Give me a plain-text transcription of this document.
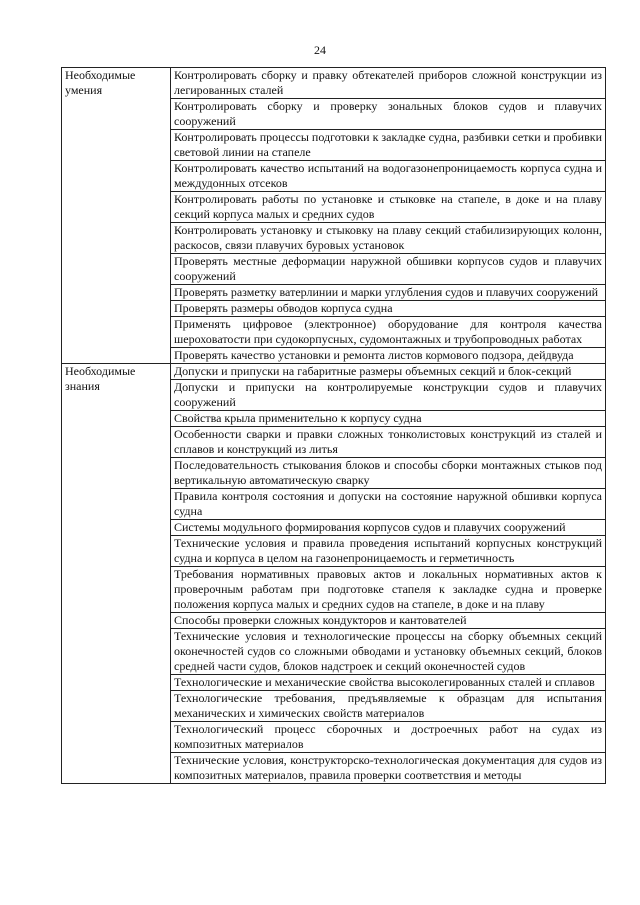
24
Необходимые умения	Контролировать сборку и правку обтекателей приборов сложной конструкции из легированных сталей
	Контролировать сборку и проверку зональных блоков судов и плавучих сооружений
	Контролировать процессы подготовки к закладке судна, разбивки сетки и пробивки световой линии на стапеле
	Контролировать качество испытаний на водогазонепроницаемость корпуса судна и междудонных отсеков
	Контролировать работы по установке и стыковке на стапеле, в доке и на плаву секций корпуса малых и средних судов
	Контролировать установку и стыковку на плаву секций стабилизирующих колонн, раскосов, связи плавучих буровых установок
	Проверять местные деформации наружной обшивки корпусов судов и плавучих сооружений
	Проверять разметку ватерлинии и марки углубления судов и плавучих сооружений
	Проверять размеры обводов корпуса судна
	Применять цифровое (электронное) оборудование для контроля качества шероховатости при судокорпусных, судомонтажных и трубопроводных работах
	Проверять качество установки и ремонта листов кормового подзора, дейдвуда
Необходимые знания	Допуски и припуски на габаритные размеры объемных секций и блок-секций
	Допуски и припуски на контролируемые конструкции судов и плавучих сооружений
	Свойства крыла применительно к корпусу судна
	Особенности сварки и правки сложных тонколистовых конструкций из сталей и сплавов и конструкций из литья
	Последовательность стыкования блоков и способы сборки монтажных стыков под вертикальную автоматическую сварку
	Правила контроля состояния и допуски на состояние наружной обшивки корпуса судна
	Системы модульного формирования корпусов судов и плавучих сооружений
	Технические условия и правила проведения испытаний корпусных конструкций судна и корпуса в целом на газонепроницаемость и герметичность
	Требования нормативных правовых актов и локальных нормативных актов к проверочным работам при подготовке стапеля к закладке судна и проверке положения корпуса малых и средних судов на стапеле, в доке и на плаву
	Способы проверки сложных кондукторов и кантователей
	Технические условия и технологические процессы на сборку объемных секций оконечностей судов со сложными обводами и установку объемных секций, блоков средней части судов, блоков надстроек и секций оконечностей судов
	Технологические и механические свойства высоколегированных сталей и сплавов
	Технологические требования, предъявляемые к образцам для испытания механических и химических свойств материалов
	Технологический процесс сборочных и достроечных работ на судах из композитных материалов
	Технические условия, конструкторско-технологическая документация для судов из композитных материалов, правила проверки соответствия и методы
